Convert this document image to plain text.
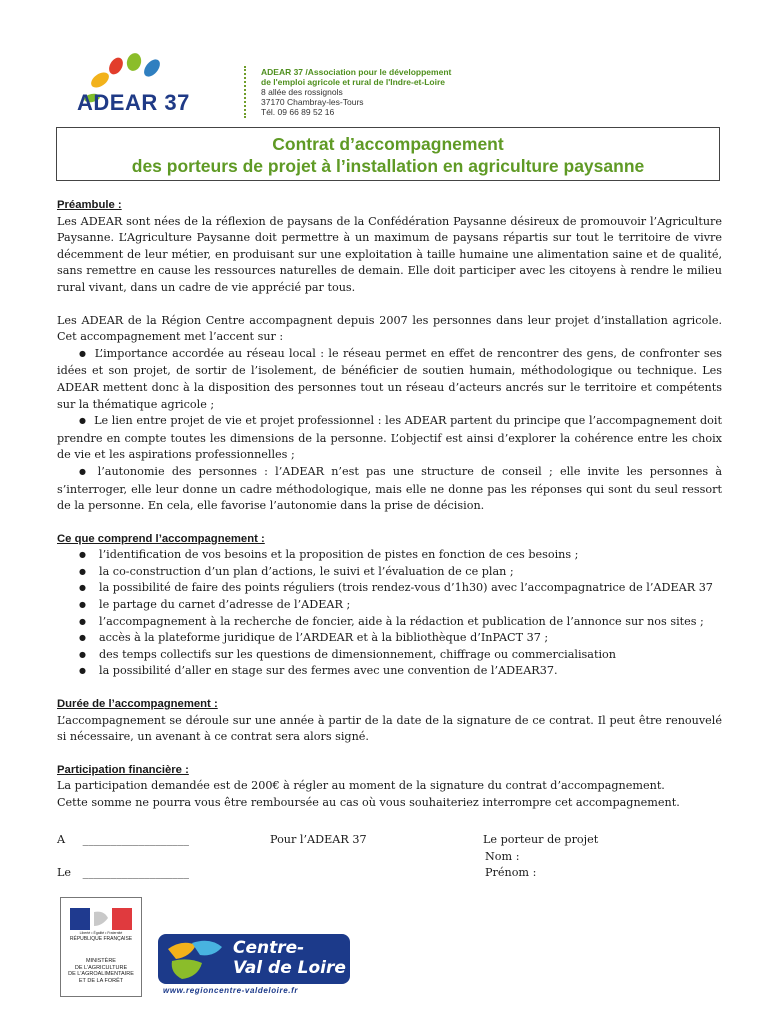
ADEAR 37
ADEAR 37 /Association pour le développement
de l'emploi agricole et rural de l'Indre-et-Loire
8 allée des rossignols
37170 Chambray-les-Tours
Tél. 09 66 89 52 16
Contrat d’accompagnement
des porteurs de projet à l’installation en agriculture paysanne
Préambule :

Les ADEAR sont nées de la réflexion de paysans de la Confédération Paysanne désireux de promouvoir l’Agriculture Paysanne. L’Agriculture Paysanne doit permettre à un maximum de paysans répartis sur tout le territoire de vivre décemment de leur métier, en produisant sur une exploitation à taille humaine une alimentation saine et de qualité, sans remettre en cause les ressources naturelles de demain. Elle doit participer avec les citoyens à rendre le milieu rural vivant, dans un cadre de vie apprécié par tous.

Les ADEAR de la Région Centre accompagnent depuis 2007 les personnes dans leur projet d’installation agricole. Cet accompagnement met l’accent sur :

● L’importance accordée au réseau local : le réseau permet en effet de rencontrer des gens, de confronter ses idées et son projet, de sortir de l’isolement, de bénéficier de soutien humain, méthodologique ou technique. Les ADEAR mettent donc à la disposition des personnes tout un réseau d’acteurs ancrés sur le territoire et compétents sur la thématique agricole ;

● Le lien entre projet de vie et projet professionnel : les ADEAR partent du principe que l’accompagnement doit prendre en compte toutes les dimensions de la personne. L’objectif est ainsi d’explorer la cohérence entre les choix de vie et les aspirations professionnelles ;

● l’autonomie des personnes : l’ADEAR n’est pas une structure de conseil ; elle invite les personnes à s’interroger, elle leur donne un cadre méthodologique, mais elle ne donne pas les réponses qui sont du seul ressort de la personne. En cela, elle favorise l’autonomie dans la prise de décision.

Ce que comprend l’accompagnement :
● l’identification de vos besoins et la proposition de pistes en fonction de ces besoins ;
● la co-construction d’un plan d’actions, le suivi et l’évaluation de ce plan ;
● la possibilité de faire des points réguliers (trois rendez-vous d’1h30) avec l’accompagnatrice de l’ADEAR 37
● le partage du carnet d’adresse de l’ADEAR ;
● l’accompagnement à la recherche de foncier, aide à la rédaction et publication de l’annonce sur nos sites ;
● accès à la plateforme juridique de l’ARDEAR et à la bibliothèque d’InPACT 37 ;
● des temps collectifs sur les questions de dimensionnement, chiffrage ou commercialisation
● la possibilité d’aller en stage sur des fermes avec une convention de l’ADEAR37.
Durée de l’accompagnement :

L’accompagnement se déroule sur une année à partir de la date de la signature de ce contrat. Il peut être renouvelé si nécessaire, un avenant à ce contrat sera alors signé.

Participation financière :

La participation demandée est de 200€ à régler au moment de la signature du contrat d’accompagnement.

Cette somme ne pourra vous être remboursée au cas où vous souhaiteriez interrompre cet accompagnement.

A ___________________
Le ___________________
Pour l’ADEAR 37	Le porteur de projet
Nom :
Prénom :
Liberté • Égalité • Fraternité
RÉPUBLIQUE FRANÇAISE
MINISTÈRE
DE L'AGRICULTURE
DE L'AGROALIMENTAIRE
ET DE LA FORÊT
Centre-
Val de Loire
www.regioncentre-valdeloire.fr
